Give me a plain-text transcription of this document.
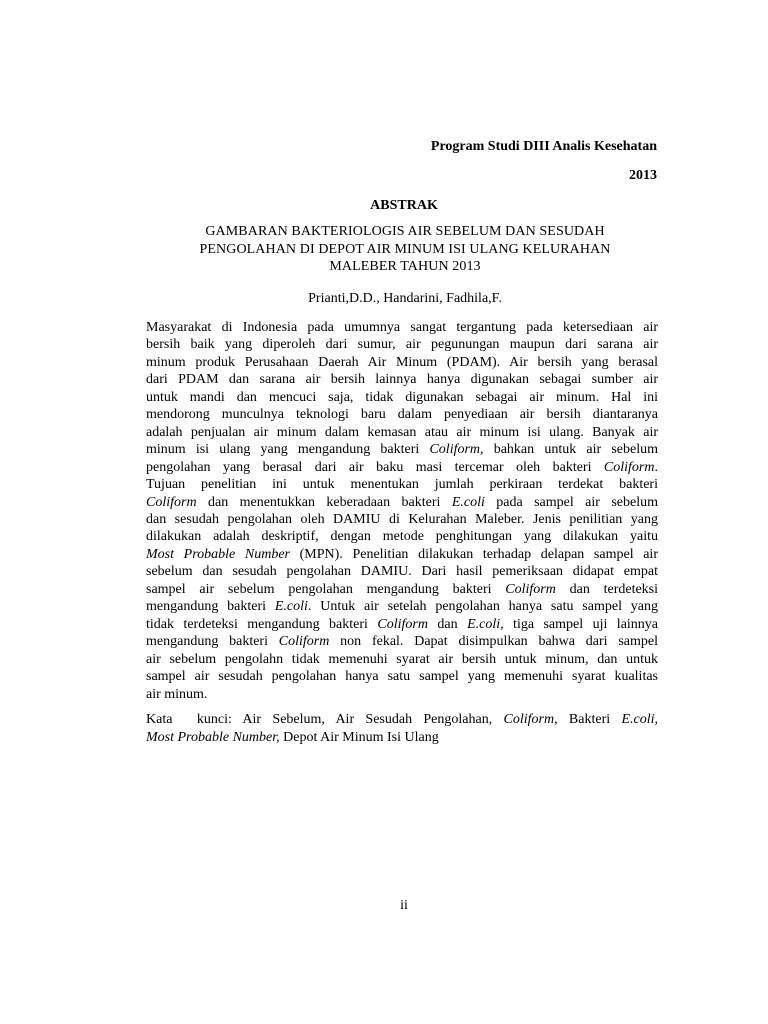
Program Studi DIII Analis Kesehatan
2013
ABSTRAK
GAMBARAN BAKTERIOLOGIS AIR SEBELUM DAN SESUDAH
PENGOLAHAN DI DEPOT AIR MINUM ISI ULANG KELURAHAN
MALEBER TAHUN 2013
Prianti,D.D., Handarini, Fadhila,F.
Masyarakat di Indonesia pada umumnya sangat tergantung pada ketersediaan air
bersih baik yang diperoleh dari sumur, air pegunungan maupun dari sarana air
minum produk Perusahaan Daerah Air Minum (PDAM). Air bersih yang berasal
dari PDAM dan sarana air bersih lainnya hanya digunakan sebagai sumber air
untuk mandi dan mencuci saja, tidak digunakan sebagai air minum. Hal ini
mendorong munculnya teknologi baru dalam penyediaan air bersih diantaranya
adalah penjualan air minum dalam kemasan atau air minum isi ulang. Banyak air
minum isi ulang yang mengandung bakteri Coliform, bahkan untuk air sebelum
pengolahan yang berasal dari air baku masi tercemar oleh bakteri Coliform.
Tujuan penelitian ini untuk menentukan jumlah perkiraan terdekat bakteri
Coliform dan menentukkan keberadaan bakteri E.coli pada sampel air sebelum
dan sesudah pengolahan oleh DAMIU di Kelurahan Maleber. Jenis penilitian yang
dilakukan adalah deskriptif, dengan metode penghitungan yang dilakukan yaitu
Most Probable Number (MPN). Penelitian dilakukan terhadap delapan sampel air
sebelum dan sesudah pengolahan DAMIU. Dari hasil pemeriksaan didapat empat
sampel air sebelum pengolahan mengandung bakteri Coliform dan terdeteksi
mengandung bakteri E.coli. Untuk air setelah pengolahan hanya satu sampel yang
tidak terdeteksi mengandung bakteri Coliform dan E.coli, tiga sampel uji lainnya
mengandung bakteri Coliform non fekal. Dapat disimpulkan bahwa dari sampel
air sebelum pengolahn tidak memenuhi syarat air bersih untuk minum, dan untuk
sampel air sesudah pengolahan hanya satu sampel yang memenuhi syarat kualitas
air minum.
Kata kunci: Air Sebelum, Air Sesudah Pengolahan, Coliform, Bakteri E.coli,
Most Probable Number, Depot Air Minum Isi Ulang
ii
